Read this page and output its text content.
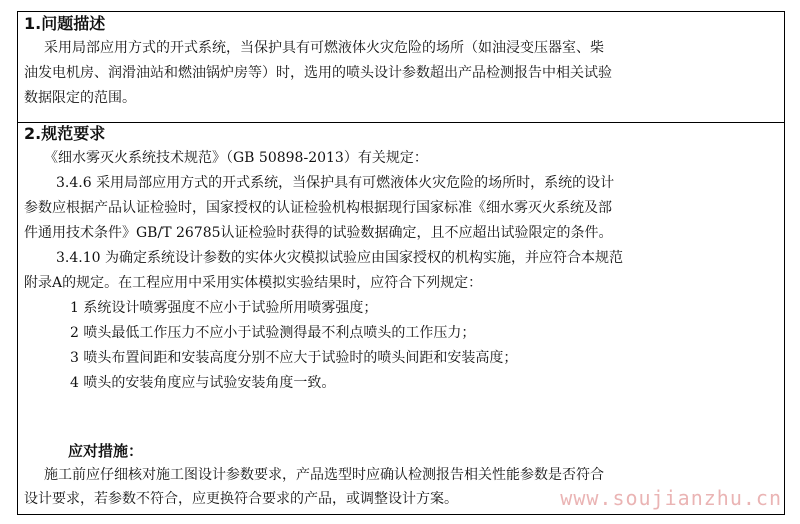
1.问题描述
采用局部应用方式的开式系统，当保护具有可燃液体火灾危险的场所（如油浸变压器室、柴
油发电机房、润滑油站和燃油锅炉房等）时，选用的喷头设计参数超出产品检测报告中相关试验
数据限定的范围。
2.规范要求
《细水雾灭火系统技术规范》（GB 50898-2013）有关规定：
3.4.6 采用局部应用方式的开式系统，当保护具有可燃液体火灾危险的场所时，系统的设计
参数应根据产品认证检验时，国家授权的认证检验机构根据现行国家标准《细水雾灭火系统及部
件通用技术条件》GB/T 26785认证检验时获得的试验数据确定，且不应超出试验限定的条件。
3.4.10 为确定系统设计参数的实体火灾模拟试验应由国家授权的机构实施，并应符合本规范
附录A的规定。在工程应用中采用实体模拟实验结果时，应符合下列规定：
1 系统设计喷雾强度不应小于试验所用喷雾强度；
2 喷头最低工作压力不应小于试验测得最不利点喷头的工作压力；
3 喷头布置间距和安装高度分别不应大于试验时的喷头间距和安装高度；
4 喷头的安装角度应与试验安装角度一致。
应对措施：
施工前应仔细核对施工图设计参数要求，产品选型时应确认检测报告相关性能参数是否符合
设计要求，若参数不符合，应更换符合要求的产品，或调整设计方案。	www.soujianzhu.cn
